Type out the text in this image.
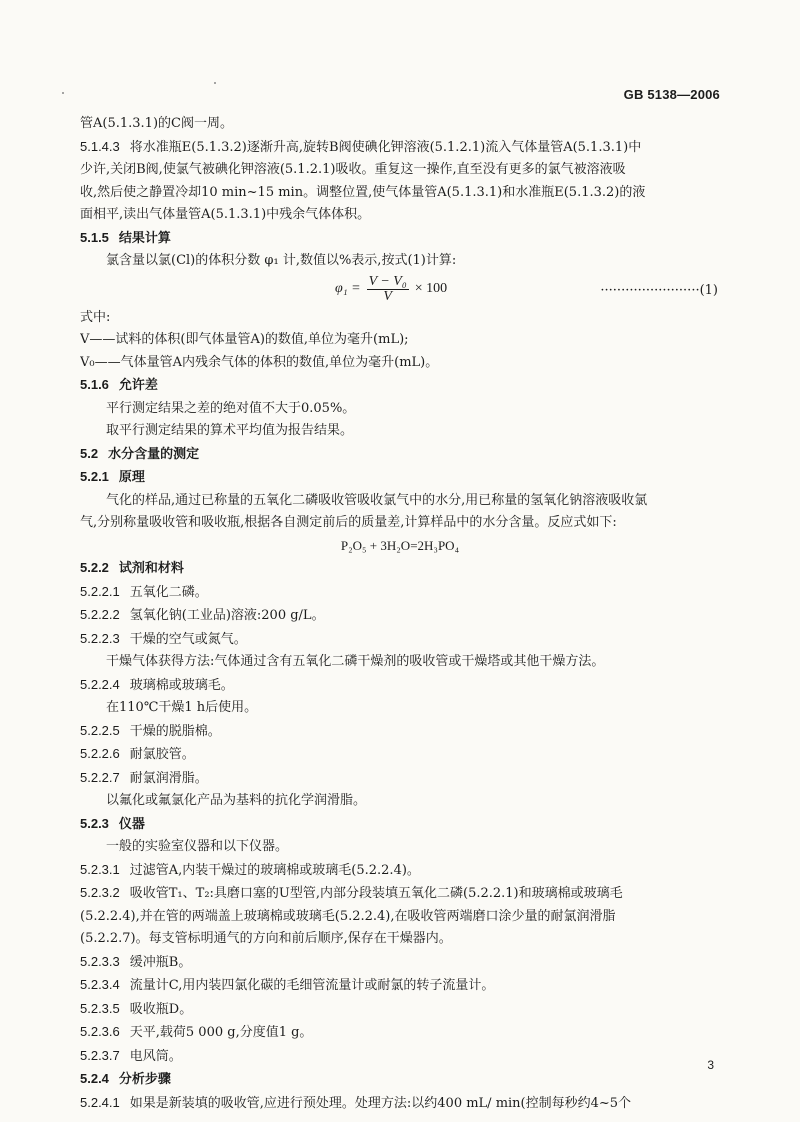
GB 5138—2006
管A(5.1.3.1)的C阀一周。
5.1.4.3 将水准瓶E(5.1.3.2)逐渐升高,旋转B阀使碘化钾溶液(5.1.2.1)流入气体量管A(5.1.3.1)中
少许,关闭B阀,使氯气被碘化钾溶液(5.1.2.1)吸收。重复这一操作,直至没有更多的氯气被溶液吸
收,然后使之静置冷却10 min~15 min。调整位置,使气体量管A(5.1.3.1)和水准瓶E(5.1.3.2)的液
面相平,读出气体量管A(5.1.3.1)中残余气体体积。
5.1.5 结果计算
氯含量以氯(Cl)的体积分数 φ₁ 计,数值以%表示,按式(1)计算:
$\varphi_1 = \frac{\text{V − V₀}}{V} \times 100$	························(1)
式中:
V——试料的体积(即气体量管A)的数值,单位为毫升(mL);
V₀——气体量管A内残余气体的体积的数值,单位为毫升(mL)。
5.1.6 允许差
平行测定结果之差的绝对值不大于0.05%。
取平行测定结果的算术平均值为报告结果。
5.2 水分含量的测定
5.2.1 原理
气化的样品,通过已称量的五氧化二磷吸收管吸收氯气中的水分,用已称量的氢氧化钠溶液吸收氯
气,分别称量吸收管和吸收瓶,根据各自测定前后的质量差,计算样品中的水分含量。反应式如下:
P₂O₅ + 3H₂O=2H₃PO₄
5.2.2 试剂和材料
5.2.2.1 五氧化二磷。
5.2.2.2 氢氧化钠(工业品)溶液:200 g/L。
5.2.2.3 干燥的空气或氮气。
干燥气体获得方法:气体通过含有五氧化二磷干燥剂的吸收管或干燥塔或其他干燥方法。
5.2.2.4 玻璃棉或玻璃毛。
在110℃干燥1 h后使用。
5.2.2.5 干燥的脱脂棉。
5.2.2.6 耐氯胶管。
5.2.2.7 耐氯润滑脂。
以氟化或氟氯化产品为基料的抗化学润滑脂。
5.2.3 仪器
一般的实验室仪器和以下仪器。
5.2.3.1 过滤管A,内装干燥过的玻璃棉或玻璃毛(5.2.2.4)。
5.2.3.2 吸收管T₁、T₂:具磨口塞的U型管,内部分段装填五氧化二磷(5.2.2.1)和玻璃棉或玻璃毛
(5.2.2.4),并在管的两端盖上玻璃棉或玻璃毛(5.2.2.4),在吸收管两端磨口涂少量的耐氯润滑脂
(5.2.2.7)。每支管标明通气的方向和前后顺序,保存在干燥器内。
5.2.3.3 缓冲瓶B。
5.2.3.4 流量计C,用内装四氯化碳的毛细管流量计或耐氯的转子流量计。
5.2.3.5 吸收瓶D。
5.2.3.6 天平,载荷5 000 g,分度值1 g。
5.2.3.7 电风筒。
5.2.4 分析步骤
5.2.4.1 如果是新装填的吸收管,应进行预处理。处理方法:以约400 mL/ min(控制每秒约4~5个
3
